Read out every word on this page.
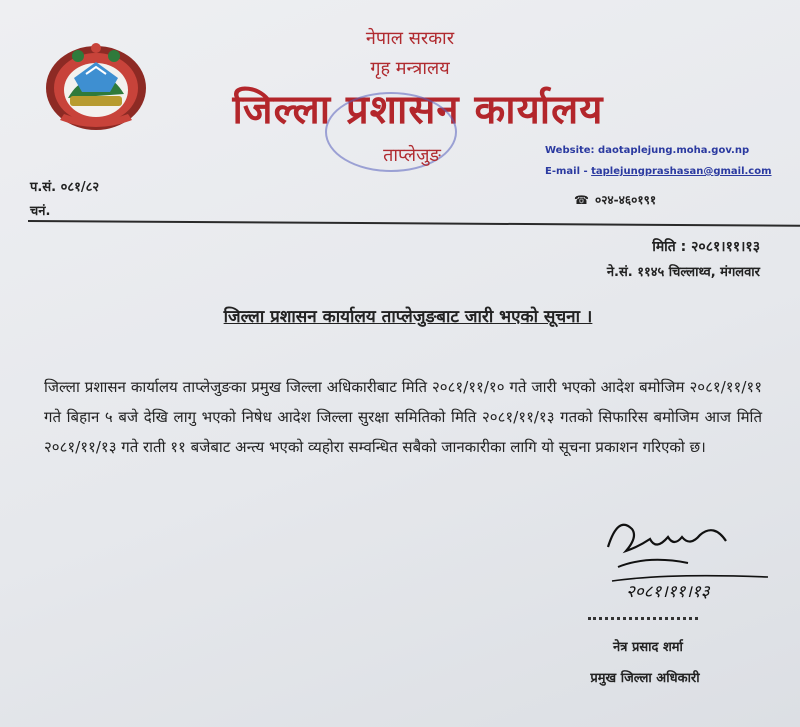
नेपाल सरकार
गृह मन्त्रालय
जिल्ला प्रशासन कार्यालय
ताप्लेजुङ	Website: daotaplejung.moha.gov.np
E-mail - taplejungprashasan@gmail.com
☎ ०२४-४६०१९१
प.सं. ०८१/८२
चनं.
मिति : २०८१।११।१३
ने.सं. ११४५ चिल्लाथ्व, मंगलवार
जिल्ला प्रशासन कार्यालय ताप्लेजुङबाट जारी भएको सूचना ।
जिल्ला प्रशासन कार्यालय ताप्लेजुङका प्रमुख जिल्ला अधिकारीबाट मिति २०८१/११/१० गते जारी भएको आदेश बमोजिम २०८१/११/११ गते बिहान ५ बजे देखि लागु भएको निषेध आदेश जिल्ला सुरक्षा समितिको मिति २०८१/११/१३ गतको सिफारिस बमोजिम आज मिति २०८१/११/१३ गते राती ११ बजेबाट अन्त्य भएको व्यहोरा सम्वन्धित सबैको जानकारीका लागि यो सूचना प्रकाशन गरिएको छ।
२०८१।११।१३
नेत्र प्रसाद शर्मा
प्रमुख जिल्ला अधिकारी
